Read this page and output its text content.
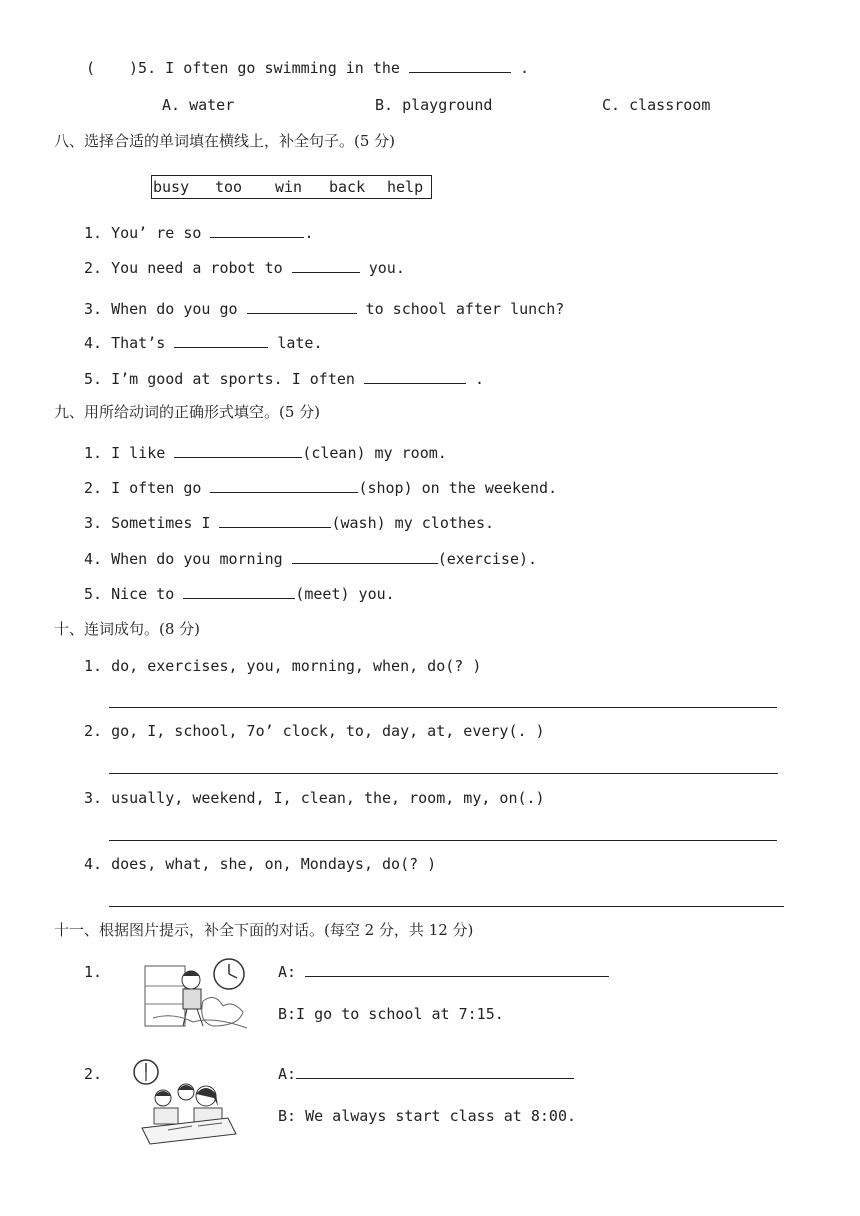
( )5. I often go swimming in the	.
A. water	B. playground	C. classroom
八、选择合适的单词填在横线上，补全句子。(5 分)
busy too win back help
1. You’ re so	.
2. You need a robot to	you.
3. When do you go	to school after lunch?
4. That’s	late.
5. I’m good at sports. I often	.
九、用所给动词的正确形式填空。(5 分)
1. I like	(clean) my room.
2. I often go	(shop) on the weekend.
3. Sometimes I	(wash) my clothes.
4. When do you morning	(exercise).
5. Nice to	(meet) you.
十、连词成句。(8 分)
1. do, exercises, you, morning, when, do(? )
2. go, I, school, 7o’ clock, to, day, at, every(. )
3. usually, weekend, I, clean, the, room, my, on(.)
4. does, what, she, on, Mondays, do(? )
十一、根据图片提示，补全下面的对话。(每空 2 分，共 12 分)
1.	A:
B:I go to school at 7:15.
2.	A:
B: We always start class at 8:00.
